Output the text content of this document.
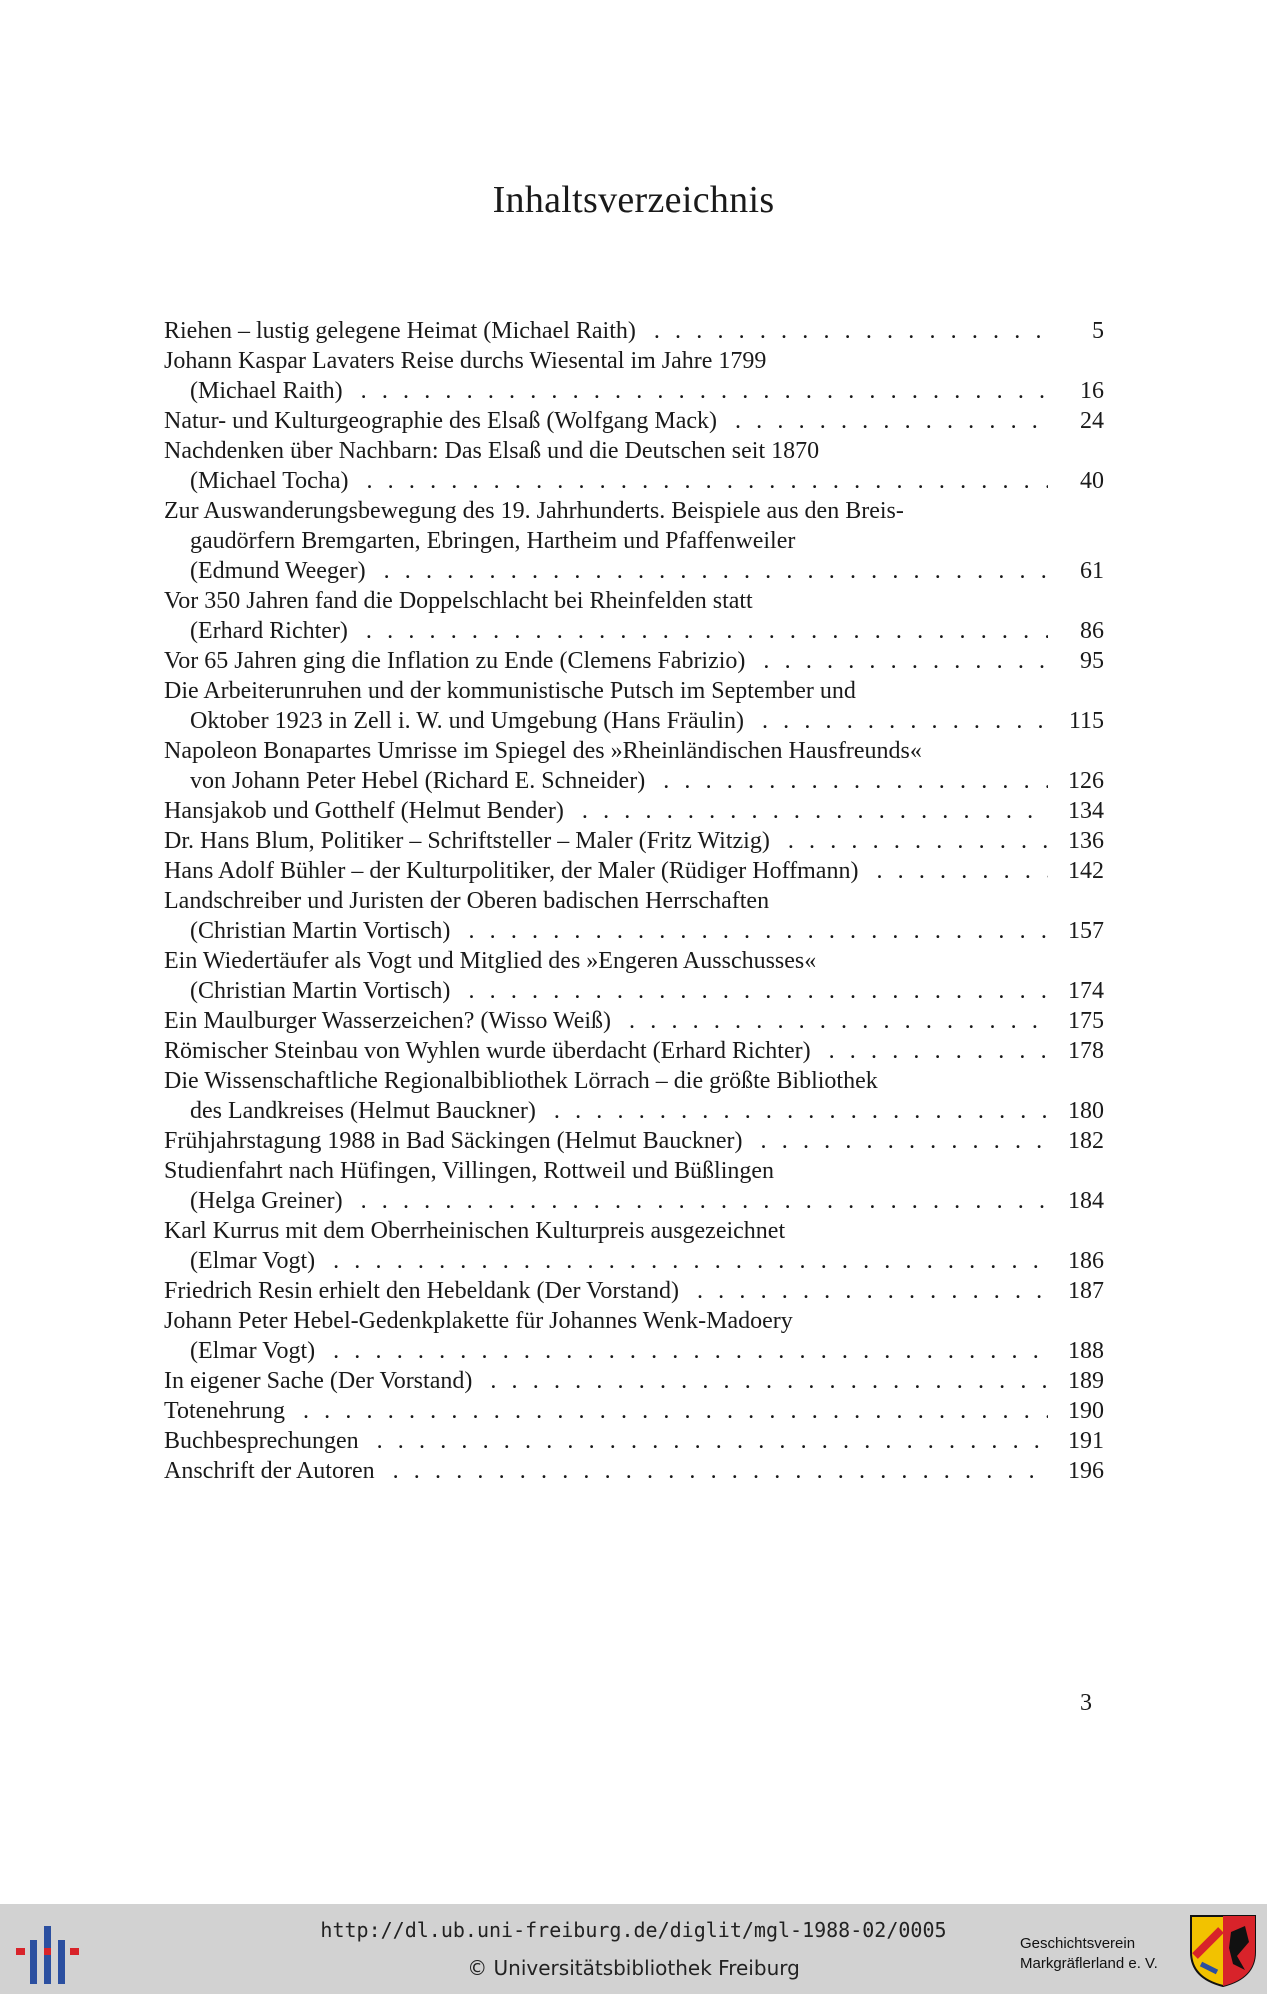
Inhaltsverzeichnis
Riehen – lustig gelegene Heimat (Michael Raith) . . .	5
Johann Kaspar Lavaters Reise durchs Wiesental im Jahre 1799
(Michael Raith) . . .	16
Natur- und Kulturgeographie des Elsaß (Wolfgang Mack) . . .	24
Nachdenken über Nachbarn: Das Elsaß und die Deutschen seit 1870
(Michael Tocha) . . .	40
Zur Auswanderungsbewegung des 19. Jahrhunderts. Beispiele aus den Breis-
gaudörfern Bremgarten, Ebringen, Hartheim und Pfaffenweiler
(Edmund Weeger) . . .	61
Vor 350 Jahren fand die Doppelschlacht bei Rheinfelden statt
(Erhard Richter) . . .	86
Vor 65 Jahren ging die Inflation zu Ende (Clemens Fabrizio) . . .	95
Die Arbeiterunruhen und der kommunistische Putsch im September und
Oktober 1923 in Zell i. W. und Umgebung (Hans Fräulin) . . .	115
Napoleon Bonapartes Umrisse im Spiegel des »Rheinländischen Hausfreunds«
von Johann Peter Hebel (Richard E. Schneider) . . .	126
Hansjakob und Gotthelf (Helmut Bender) . . .	134
Dr. Hans Blum, Politiker – Schriftsteller – Maler (Fritz Witzig) . . .	136
Hans Adolf Bühler – der Kulturpolitiker, der Maler (Rüdiger Hoffmann) . . .	142
Landschreiber und Juristen der Oberen badischen Herrschaften
(Christian Martin Vortisch) . . .	157
Ein Wiedertäufer als Vogt und Mitglied des »Engeren Ausschusses«
(Christian Martin Vortisch) . . .	174
Ein Maulburger Wasserzeichen? (Wisso Weiß) . . .	175
Römischer Steinbau von Wyhlen wurde überdacht (Erhard Richter) . . .	178
Die Wissenschaftliche Regionalbibliothek Lörrach – die größte Bibliothek
des Landkreises (Helmut Bauckner) . . .	180
Frühjahrstagung 1988 in Bad Säckingen (Helmut Bauckner) . . .	182
Studienfahrt nach Hüfingen, Villingen, Rottweil und Büßlingen
(Helga Greiner) . . .	184
Karl Kurrus mit dem Oberrheinischen Kulturpreis ausgezeichnet
(Elmar Vogt) . . .	186
Friedrich Resin erhielt den Hebeldank (Der Vorstand) . . .	187
Johann Peter Hebel-Gedenkplakette für Johannes Wenk-Madoery
(Elmar Vogt) . . .	188
In eigener Sache (Der Vorstand) . . .	189
Totenehrung . . .	190
Buchbesprechungen . . .	191
Anschrift der Autoren . . .	196
3
http://dl.ub.uni-freiburg.de/diglit/mgl-1988-02/0005
© Universitätsbibliothek Freiburg
Geschichtsverein
Markgräflerland e. V.
